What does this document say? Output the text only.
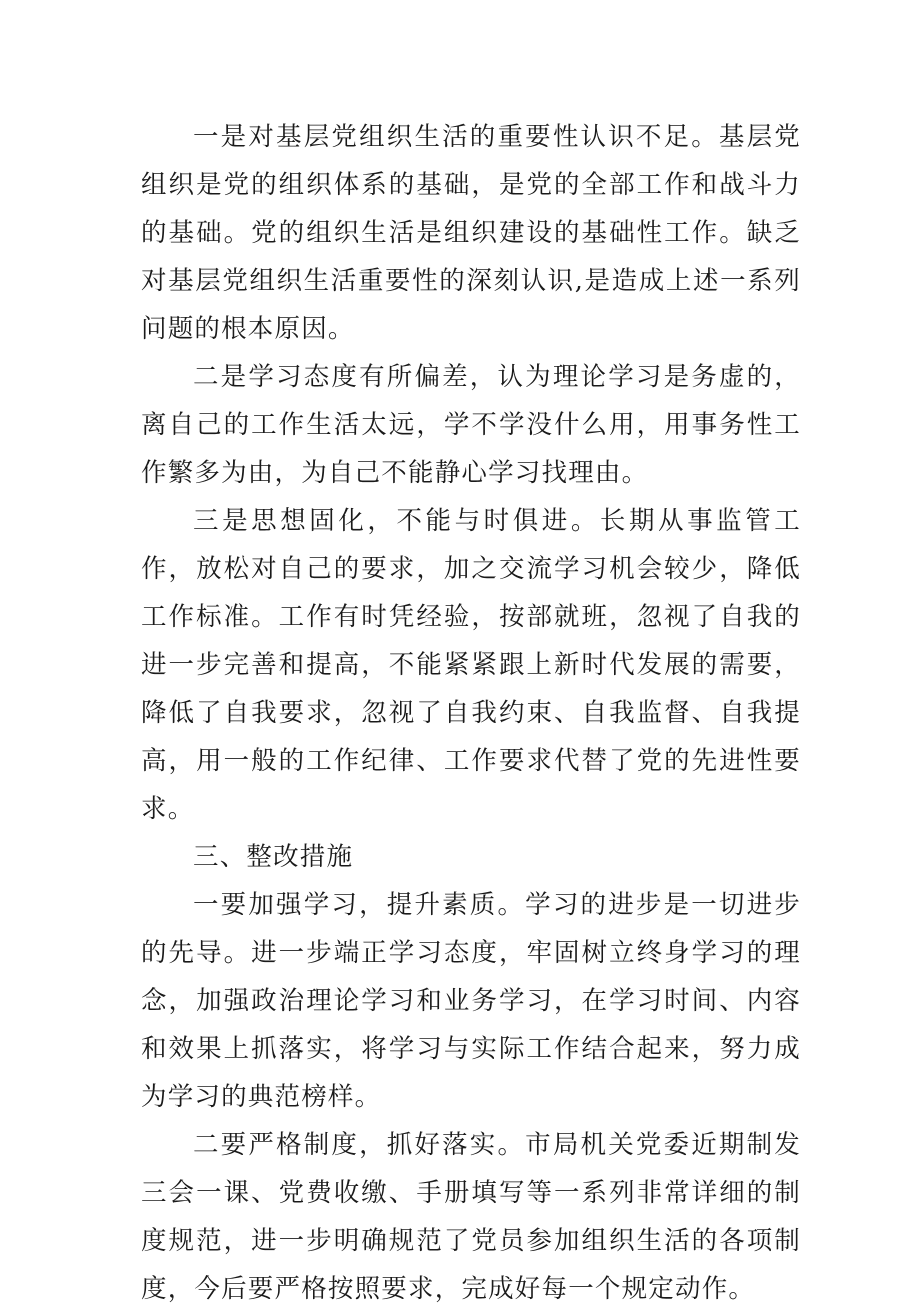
一是对基层党组织生活的重要性认识不足。基层党组织是党的组织体系的基础，是党的全部工作和战斗力的基础。党的组织生活是组织建设的基础性工作。缺乏对基层党组织生活重要性的深刻认识,是造成上述一系列问题的根本原因。

二是学习态度有所偏差，认为理论学习是务虚的，离自己的工作生活太远，学不学没什么用，用事务性工作繁多为由，为自己不能静心学习找理由。

三是思想固化，不能与时俱进。长期从事监管工作，放松对自己的要求，加之交流学习机会较少，降低工作标准。工作有时凭经验，按部就班，忽视了自我的进一步完善和提高，不能紧紧跟上新时代发展的需要，降低了自我要求，忽视了自我约束、自我监督、自我提高，用一般的工作纪律、工作要求代替了党的先进性要求。

三、整改措施

一要加强学习，提升素质。学习的进步是一切进步的先导。进一步端正学习态度，牢固树立终身学习的理念，加强政治理论学习和业务学习，在学习时间、内容和效果上抓落实，将学习与实际工作结合起来，努力成为学习的典范榜样。

二要严格制度，抓好落实。市局机关党委近期制发三会一课、党费收缴、手册填写等一系列非常详细的制度规范，进一步明确规范了党员参加组织生活的各项制度，今后要严格按照要求，完成好每一个规定动作。
